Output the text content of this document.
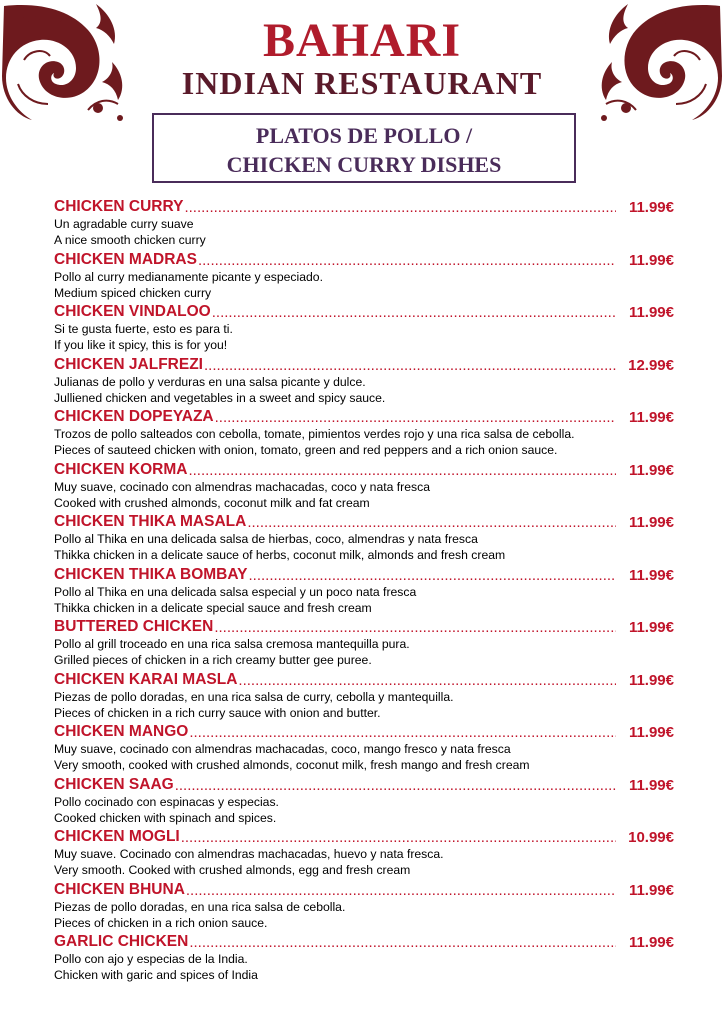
BAHARI
INDIAN RESTAURANT
PLATOS DE POLLO /
CHICKEN CURRY DISHES
CHICKEN CURRY .....	11.99€
Un agradable curry suave
A nice smooth chicken curry
CHICKEN MADRAS .....	11.99€
Pollo al curry medianamente picante y especiado.
Medium spiced chicken curry
CHICKEN VINDALOO .....	11.99€
Si te gusta fuerte, esto es para ti.
If you like it spicy, this is for you!
CHICKEN JALFREZI .....	12.99€
Julianas de pollo y verduras en una salsa picante y dulce.
Julliened chicken and vegetables in a sweet and spicy sauce.
CHICKEN DOPEYAZA .....	11.99€
Trozos de pollo salteados con cebolla, tomate, pimientos verdes rojo y una rica salsa de cebolla.
Pieces of sauteed chicken with onion, tomato, green and red peppers and a rich onion sauce.
CHICKEN KORMA .....	11.99€
Muy suave, cocinado con almendras machacadas, coco y nata fresca
Cooked with crushed almonds, coconut milk and fat cream
CHICKEN THIKA MASALA .....	11.99€
Pollo al Thika en una delicada salsa de hierbas, coco, almendras y nata fresca
Thikka chicken in a delicate sauce of herbs, coconut milk, almonds and fresh cream
CHICKEN THIKA BOMBAY .....	11.99€
Pollo al Thika en una delicada salsa especial y un poco nata fresca
Thikka chicken in a delicate special sauce and fresh cream
BUTTERED CHICKEN .....	11.99€
Pollo al grill troceado en una rica salsa cremosa mantequilla pura.
Grilled pieces of chicken in a rich creamy butter gee puree.
CHICKEN KARAI MASLA .....	11.99€
Piezas de pollo doradas, en una rica salsa de curry, cebolla y mantequilla.
Pieces of chicken in a rich curry sauce with onion and butter.
CHICKEN MANGO .....	11.99€
Muy suave, cocinado con almendras machacadas, coco, mango fresco y nata fresca
Very smooth, cooked with crushed almonds, coconut milk, fresh mango and fresh cream
CHICKEN SAAG .....	11.99€
Pollo cocinado con espinacas y especias.
Cooked chicken with spinach and spices.
CHICKEN MOGLI .....	10.99€
Muy suave. Cocinado con almendras machacadas, huevo y nata fresca.
Very smooth. Cooked with crushed almonds, egg and fresh cream
CHICKEN BHUNA .....	11.99€
Piezas de pollo doradas, en una rica salsa de cebolla.
Pieces of chicken in a rich onion sauce.
GARLIC CHICKEN .....	11.99€
Pollo con ajo y especias de la India.
Chicken with garic and spices of India
